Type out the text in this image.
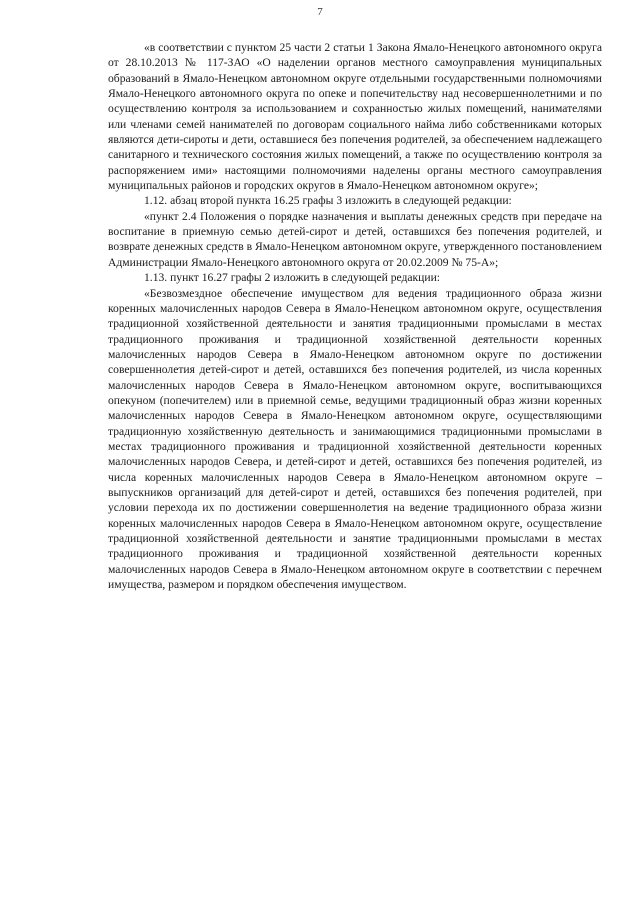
7

«в соответствии с пунктом 25 части 2 статьи 1 Закона Ямало-Ненецкого автономного округа от 28.10.2013 № 117-ЗАО «О наделении органов местного самоуправления муниципальных образований в Ямало-Ненецком автономном округе отдельными государственными полномочиями Ямало-Ненецкого автономного округа по опеке и попечительству над несовершеннолетними и по осуществлению контроля за использованием и сохранностью жилых помещений, нанимателями или членами семей нанимателей по договорам социального найма либо собственниками которых являются дети-сироты и дети, оставшиеся без попечения родителей, за обеспечением надлежащего санитарного и технического состояния жилых помещений, а также по осуществлению контроля за распоряжением ими» настоящими полномочиями наделены органы местного самоуправления муниципальных районов и городских округов в Ямало-Ненецком автономном округе»;

1.12. абзац второй пункта 16.25 графы 3 изложить в следующей редакции:

«пункт 2.4 Положения о порядке назначения и выплаты денежных средств при передаче на воспитание в приемную семью детей-сирот и детей, оставшихся без попечения родителей, и возврате денежных средств в Ямало-Ненецком автономном округе, утвержденного постановлением Администрации Ямало-Ненецкого автономного округа от 20.02.2009 № 75-А»;

1.13. пункт 16.27 графы 2 изложить в следующей редакции:

«Безвозмездное обеспечение имуществом для ведения традиционного образа жизни коренных малочисленных народов Севера в Ямало-Ненецком автономном округе, осуществления традиционной хозяйственной деятельности и занятия традиционными промыслами в местах традиционного проживания и традиционной хозяйственной деятельности коренных малочисленных народов Севера в Ямало-Ненецком автономном округе по достижении совершеннолетия детей-сирот и детей, оставшихся без попечения родителей, из числа коренных малочисленных народов Севера в Ямало-Ненецком автономном округе, воспитывающихся опекуном (попечителем) или в приемной семье, ведущими традиционный образ жизни коренных малочисленных народов Севера в Ямало-Ненецком автономном округе, осуществляющими традиционную хозяйственную деятельность и занимающимися традиционными промыслами в местах традиционного проживания и традиционной хозяйственной деятельности коренных малочисленных народов Севера, и детей-сирот и детей, оставшихся без попечения родителей, из числа коренных малочисленных народов Севера в Ямало-Ненецком автономном округе – выпускников организаций для детей-сирот и детей, оставшихся без попечения родителей, при условии перехода их по достижении совершеннолетия на ведение традиционного образа жизни коренных малочисленных народов Севера в Ямало-Ненецком автономном округе, осуществление традиционной хозяйственной деятельности и занятие традиционными промыслами в местах традиционного проживания и традиционной хозяйственной деятельности коренных малочисленных народов Севера в Ямало-Ненецком автономном округе в соответствии с перечнем имущества, размером и порядком обеспечения имуществом.
